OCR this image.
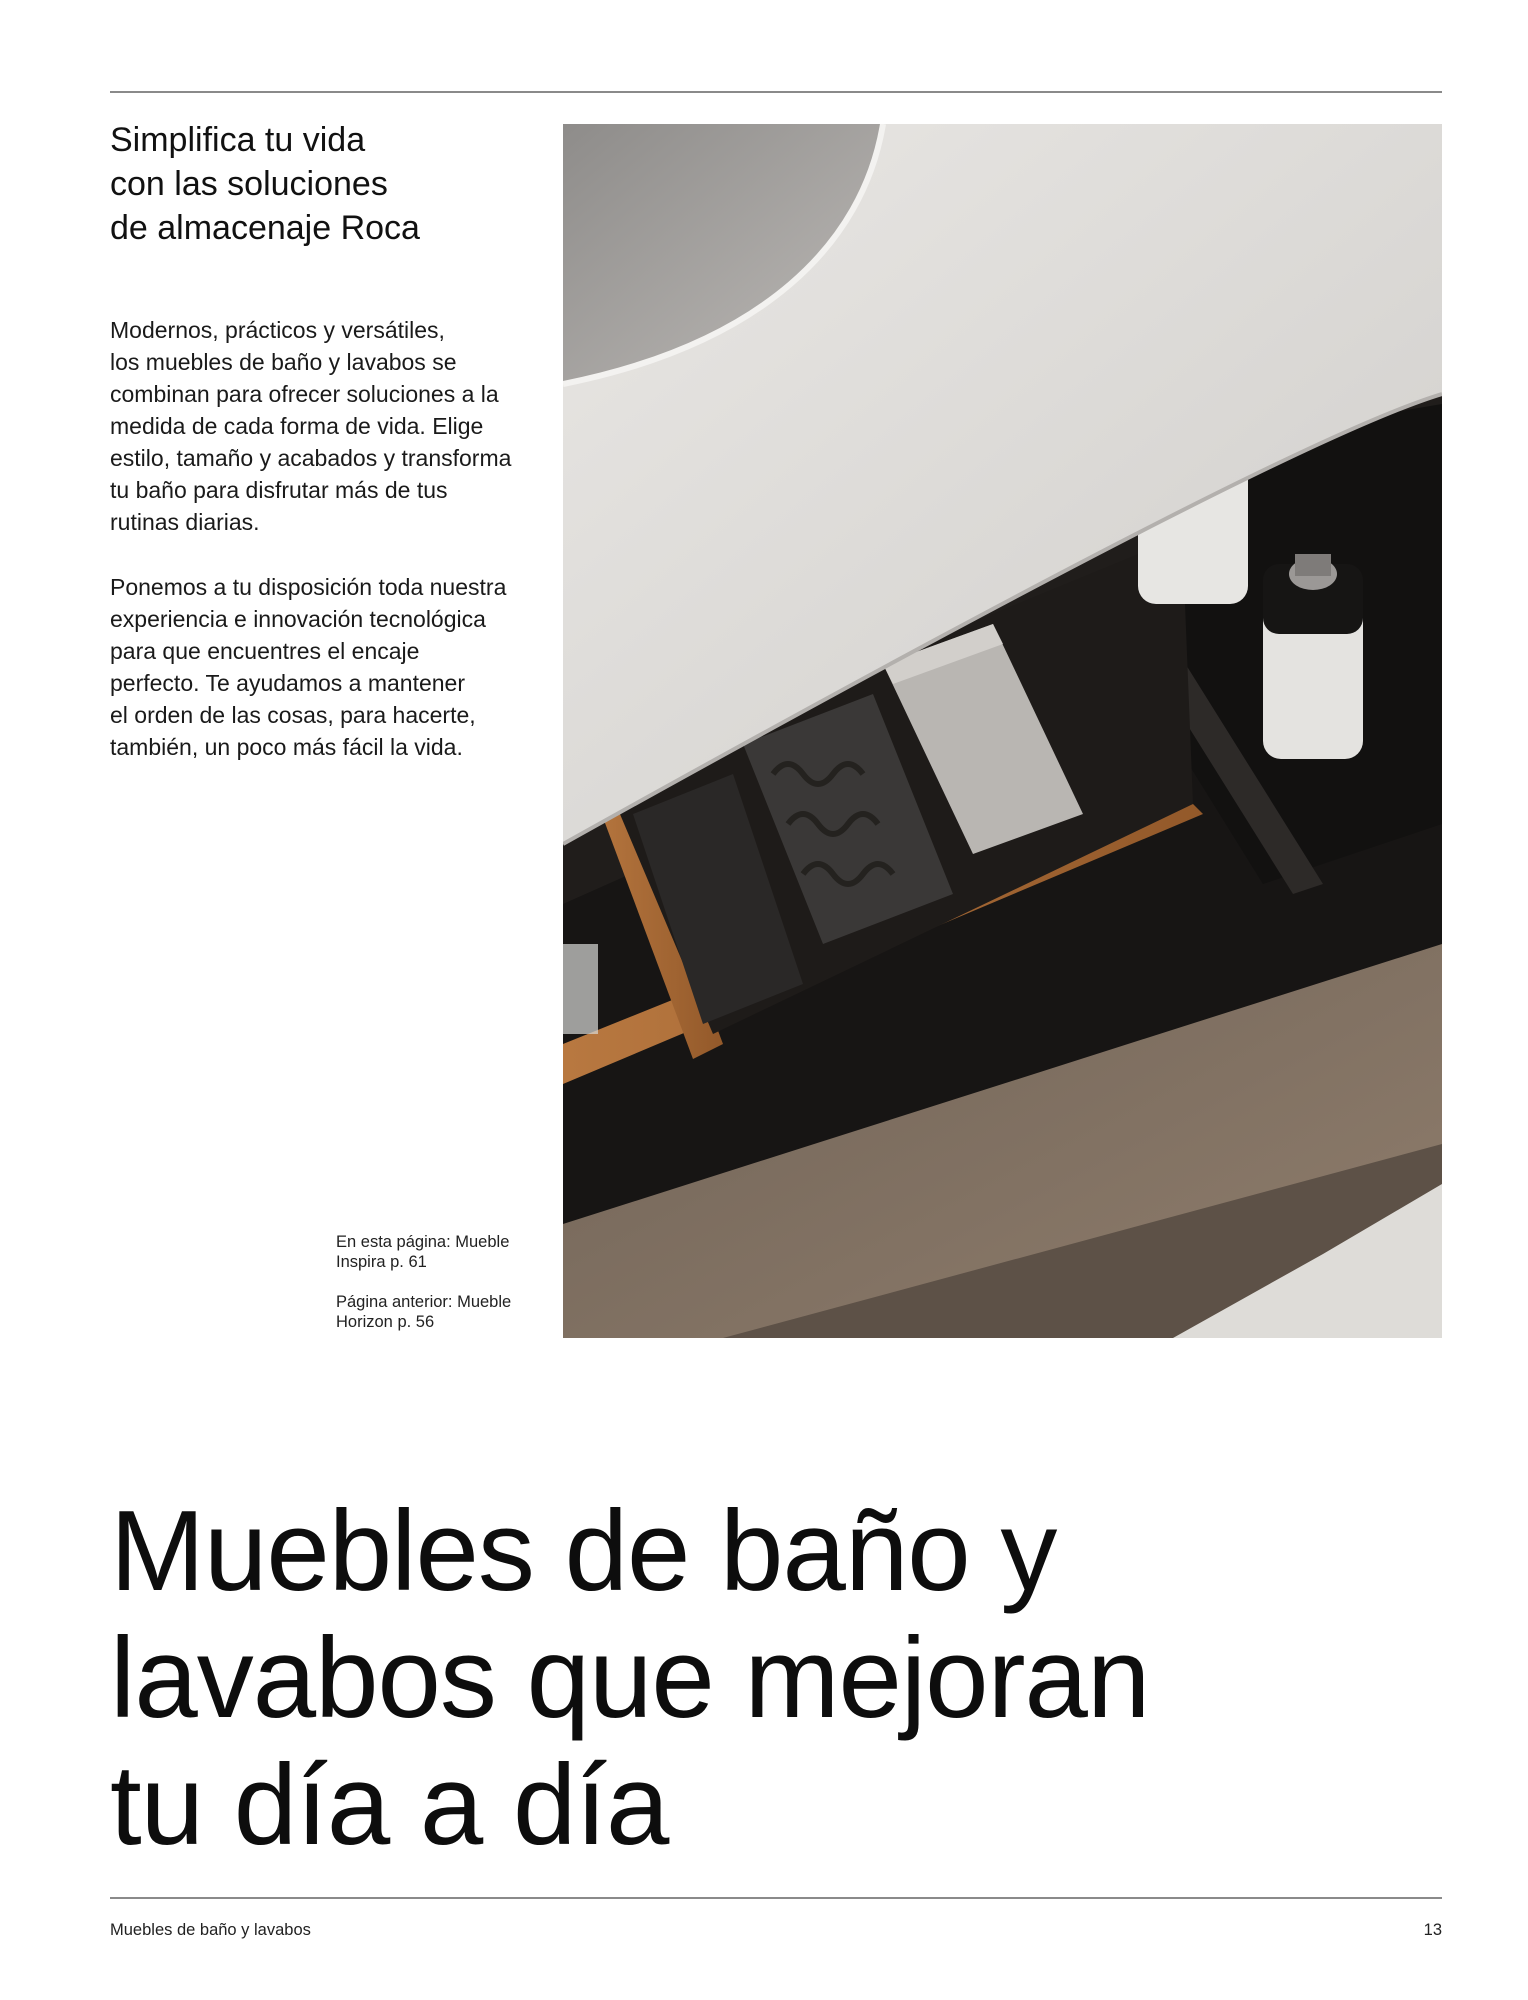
Simplifica tu vida
con las soluciones
de almacenaje Roca

Modernos, prácticos y versátiles,
los muebles de baño y lavabos se
combinan para ofrecer soluciones a la
medida de cada forma de vida. Elige
estilo, tamaño y acabados y transforma
tu baño para disfrutar más de tus
rutinas diarias.

Ponemos a tu disposición toda nuestra
experiencia e innovación tecnológica
para que encuentres el encaje
perfecto. Te ayudamos a mantener
el orden de las cosas, para hacerte,
también, un poco más fácil la vida.

En esta página: Mueble
Inspira p. 61

Página anterior: Mueble
Horizon p. 56

Muebles de baño y
lavabos que mejoran
tu día a día
Muebles de baño y lavabos	13
